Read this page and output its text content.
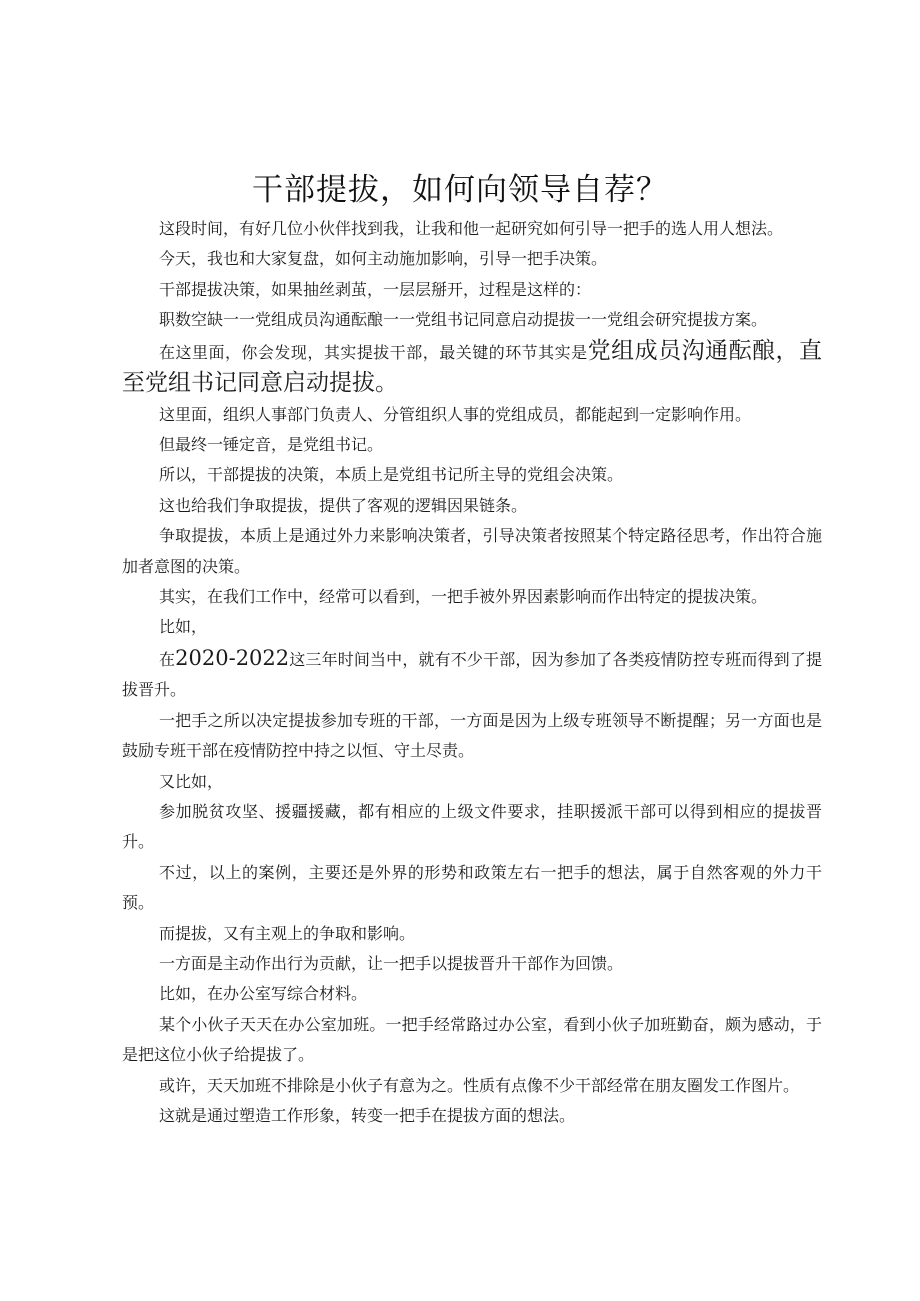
干部提拔，如何向领导自荐？

这段时间，有好几位小伙伴找到我，让我和他一起研究如何引导一把手的选人用人想法。

今天，我也和大家复盘，如何主动施加影响，引导一把手决策。

干部提拔决策，如果抽丝剥茧，一层层掰开，过程是这样的：

职数空缺一一党组成员沟通酝酿一一党组书记同意启动提拔一一党组会研究提拔方案。

在这里面，你会发现，其实提拔干部，最关键的环节其实是党组成员沟通酝酿，直至党组书记同意启动提拔。

这里面，组织人事部门负责人、分管组织人事的党组成员，都能起到一定影响作用。

但最终一锤定音，是党组书记。

所以，干部提拔的决策，本质上是党组书记所主导的党组会决策。

这也给我们争取提拔，提供了客观的逻辑因果链条。

争取提拔，本质上是通过外力来影响决策者，引导决策者按照某个特定路径思考，作出符合施加者意图的决策。

其实，在我们工作中，经常可以看到，一把手被外界因素影响而作出特定的提拔决策。

比如，

在2020-2022这三年时间当中，就有不少干部，因为参加了各类疫情防控专班而得到了提拔晋升。

一把手之所以决定提拔参加专班的干部，一方面是因为上级专班领导不断提醒；另一方面也是鼓励专班干部在疫情防控中持之以恒、守土尽责。

又比如，

参加脱贫攻坚、援疆援藏，都有相应的上级文件要求，挂职援派干部可以得到相应的提拔晋升。

不过，以上的案例，主要还是外界的形势和政策左右一把手的想法，属于自然客观的外力干预。

而提拔，又有主观上的争取和影响。

一方面是主动作出行为贡献，让一把手以提拔晋升干部作为回馈。

比如，在办公室写综合材料。

某个小伙子天天在办公室加班。一把手经常路过办公室，看到小伙子加班勤奋，颇为感动，于是把这位小伙子给提拔了。

或许，天天加班不排除是小伙子有意为之。性质有点像不少干部经常在朋友圈发工作图片。

这就是通过塑造工作形象，转变一把手在提拔方面的想法。
